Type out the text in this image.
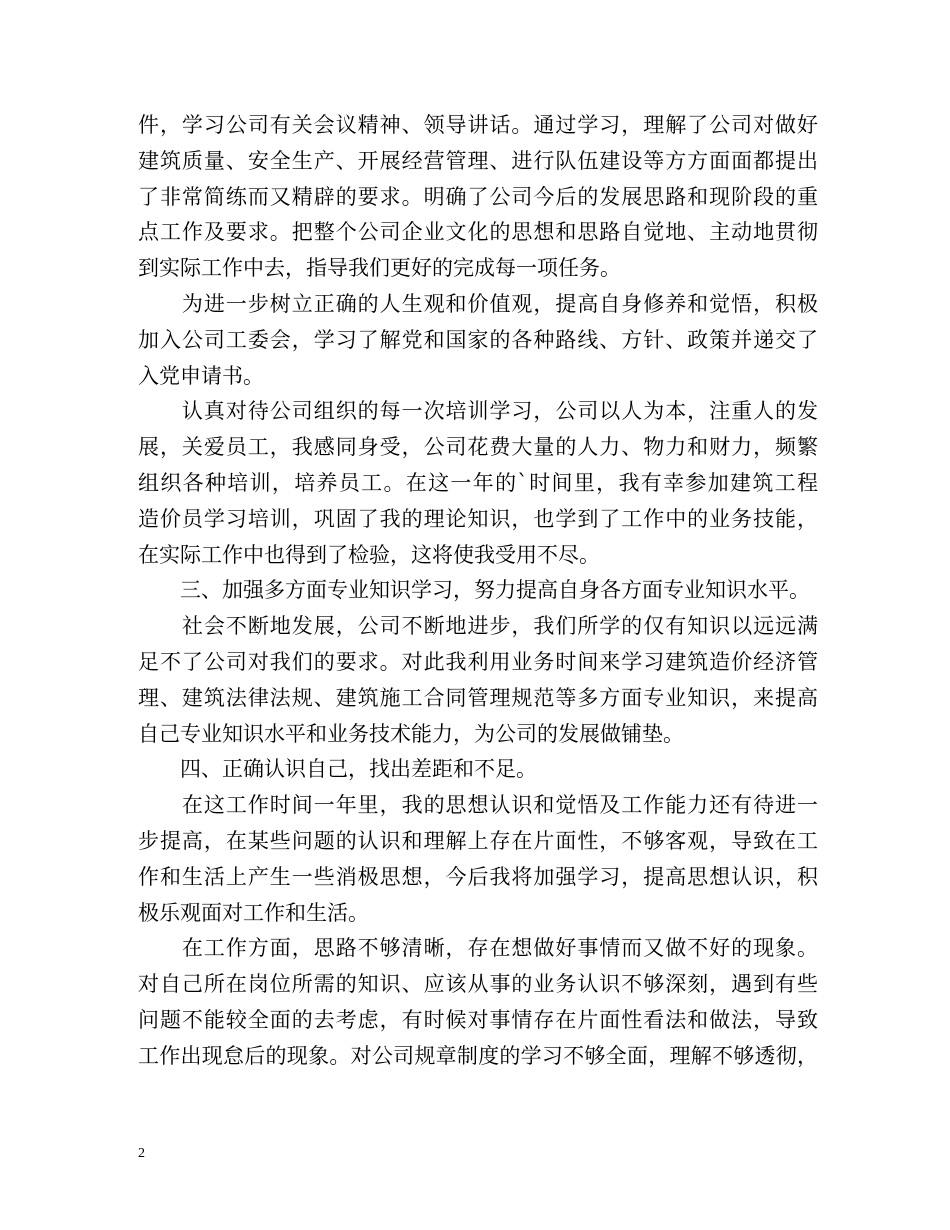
件，学习公司有关会议精神、领导讲话。通过学习，理解了公司对做好
建筑质量、安全生产、开展经营管理、进行队伍建设等方方面面都提出
了非常简练而又精辟的要求。明确了公司今后的发展思路和现阶段的重
点工作及要求。把整个公司企业文化的思想和思路自觉地、主动地贯彻
到实际工作中去，指导我们更好的完成每一项任务。
　　为进一步树立正确的人生观和价值观，提高自身修养和觉悟，积极
加入公司工委会，学习了解党和国家的各种路线、方针、政策并递交了
入党申请书。
　　认真对待公司组织的每一次培训学习，公司以人为本，注重人的发
展，关爱员工，我感同身受，公司花费大量的人力、物力和财力，频繁
组织各种培训，培养员工。在这一年的`时间里，我有幸参加建筑工程
造价员学习培训，巩固了我的理论知识，也学到了工作中的业务技能，
在实际工作中也得到了检验，这将使我受用不尽。
　　三、加强多方面专业知识学习，努力提高自身各方面专业知识水平。
　　社会不断地发展，公司不断地进步，我们所学的仅有知识以远远满
足不了公司对我们的要求。对此我利用业务时间来学习建筑造价经济管
理、建筑法律法规、建筑施工合同管理规范等多方面专业知识，来提高
自己专业知识水平和业务技术能力，为公司的发展做铺垫。
　　四、正确认识自己，找出差距和不足。
　　在这工作时间一年里，我的思想认识和觉悟及工作能力还有待进一
步提高，在某些问题的认识和理解上存在片面性，不够客观，导致在工
作和生活上产生一些消极思想，今后我将加强学习，提高思想认识，积
极乐观面对工作和生活。
　　在工作方面，思路不够清晰，存在想做好事情而又做不好的现象。
对自己所在岗位所需的知识、应该从事的业务认识不够深刻，遇到有些
问题不能较全面的去考虑，有时候对事情存在片面性看法和做法，导致
工作出现怠后的现象。对公司规章制度的学习不够全面，理解不够透彻，
2
